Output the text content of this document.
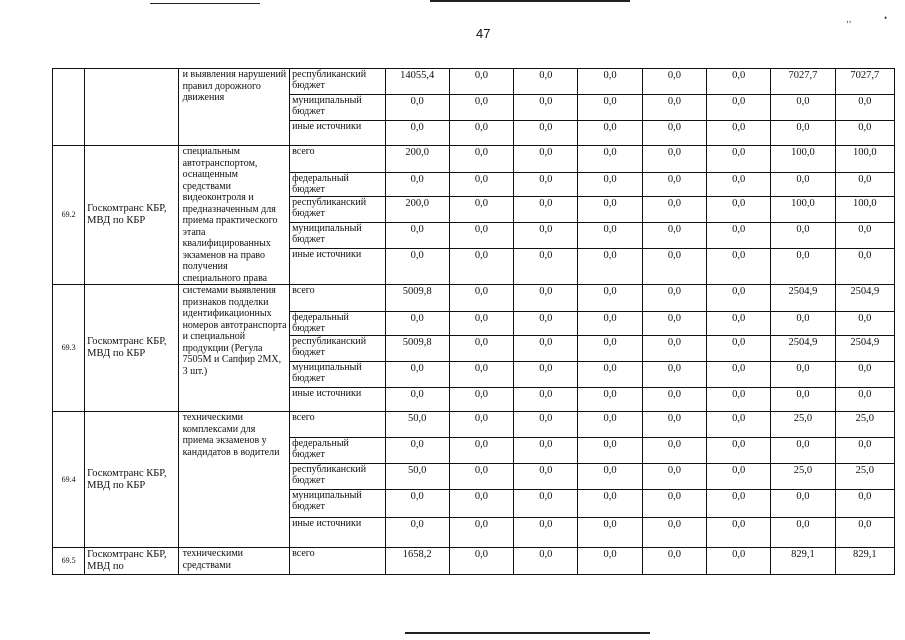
47
‚,	•
		и выявления нарушений правил дорожного движения	республиканский бюджет	14055,4	0,0	0,0	0,0	0,0	0,0	7027,7	7027,7
			муниципальный бюджет	0,0	0,0	0,0	0,0	0,0	0,0	0,0	0,0
			иные источники	0,0	0,0	0,0	0,0	0,0	0,0	0,0	0,0
69.2	Госкомтранс КБР, МВД по КБР	специальным автотранспортом, оснащенным средствами видеоконтроля и предназначенным для приема практического этапа квалифицированных экзаменов на право получения специального права	всего	200,0	0,0	0,0	0,0	0,0	0,0	100,0	100,0
			федеральный бюджет	0,0	0,0	0,0	0,0	0,0	0,0	0,0	0,0
			республиканский бюджет	200,0	0,0	0,0	0,0	0,0	0,0	100,0	100,0
			муниципальный бюджет	0,0	0,0	0,0	0,0	0,0	0,0	0,0	0,0
			иные источники	0,0	0,0	0,0	0,0	0,0	0,0	0,0	0,0
69.3	Госкомтранс КБР, МВД по КБР	системами выявления признаков подделки идентификационных номеров автотранспорта и специальной продукции (Регула 7505М и Сапфир 2МХ, 3 шт.)	всего	5009,8	0,0	0,0	0,0	0,0	0,0	2504,9	2504,9
			федеральный бюджет	0,0	0,0	0,0	0,0	0,0	0,0	0,0	0,0
			республиканский бюджет	5009,8	0,0	0,0	0,0	0,0	0,0	2504,9	2504,9
			муниципальный бюджет	0,0	0,0	0,0	0,0	0,0	0,0	0,0	0,0
			иные источники	0,0	0,0	0,0	0,0	0,0	0,0	0,0	0,0
69.4	Госкомтранс КБР, МВД по КБР	техническими комплексами для приема экзаменов у кандидатов в водители	всего	50,0	0,0	0,0	0,0	0,0	0,0	25,0	25,0
			федеральный бюджет	0,0	0,0	0,0	0,0	0,0	0,0	0,0	0,0
			республиканский бюджет	50,0	0,0	0,0	0,0	0,0	0,0	25,0	25,0
			муниципальный бюджет	0,0	0,0	0,0	0,0	0,0	0,0	0,0	0,0
			иные источники	0,0	0,0	0,0	0,0	0,0	0,0	0,0	0,0
69.5	Госкомтранс КБР, МВД по	техническими средствами	всего	1658,2	0,0	0,0	0,0	0,0	0,0	829,1	829,1
